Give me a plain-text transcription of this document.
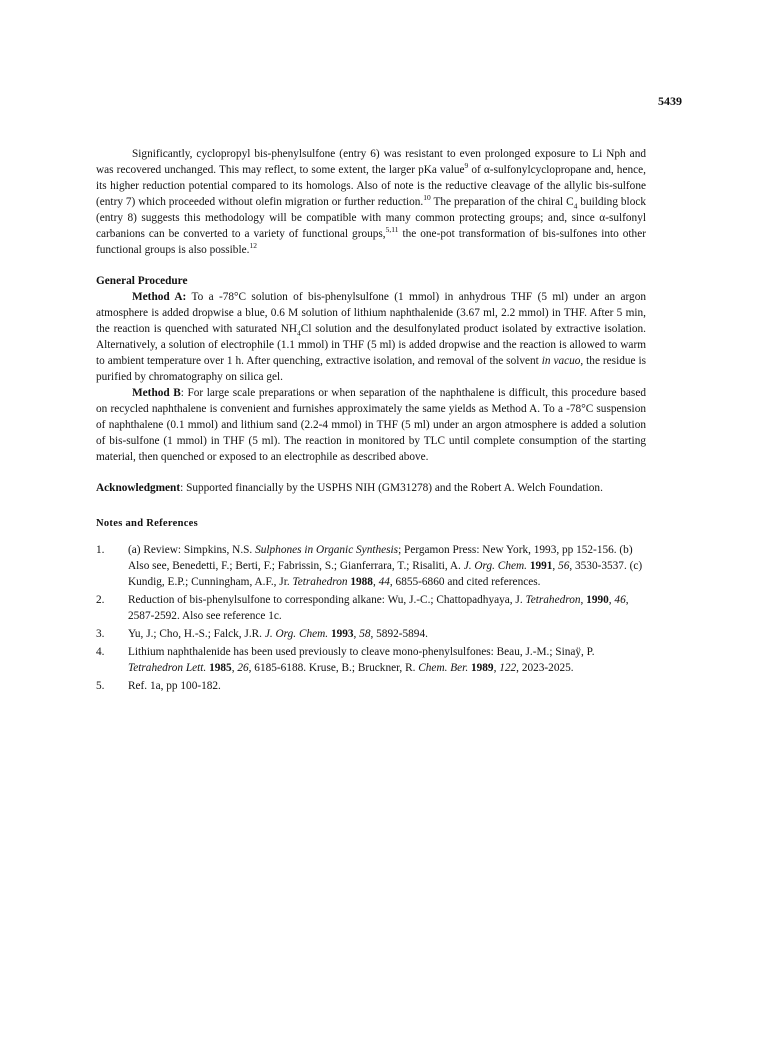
5439

Significantly, cyclopropyl bis-phenylsulfone (entry 6) was resistant to even prolonged exposure to Li Nph and was recovered unchanged. This may reflect, to some extent, the larger pKa value$^9$ of α-sulfonylcyclopropane and, hence, its higher reduction potential compared to its homologs. Also of note is the reductive cleavage of the allylic bis-sulfone (entry 7) which proceeded without olefin migration or further reduction.$^{10}$ The preparation of the chiral $C_4$ building block (entry 8) suggests this methodology will be compatible with many common protecting groups; and, since α-sulfonyl carbanions can be converted to a variety of functional groups,$^{5,11}$ the one-pot transformation of bis-sulfones into other functional groups is also possible.$^{12}$

General Procedure

Method A: To a -78°C solution of bis-phenylsulfone (1 mmol) in anhydrous THF (5 ml) under an argon atmosphere is added dropwise a blue, 0.6 M solution of lithium naphthalenide (3.67 ml, 2.2 mmol) in THF. After 5 min, the reaction is quenched with saturated $NH_4Cl$ solution and the desulfonylated product isolated by extractive isolation. Alternatively, a solution of electrophile (1.1 mmol) in THF (5 ml) is added dropwise and the reaction is allowed to warm to ambient temperature over 1 h. After quenching, extractive isolation, and removal of the solvent in vacuo, the residue is purified by chromatography on silica gel.

Method B: For large scale preparations or when separation of the naphthalene is difficult, this procedure based on recycled naphthalene is convenient and furnishes approximately the same yields as Method A. To a -78°C suspension of naphthalene (0.1 mmol) and lithium sand (2.2-4 mmol) in THF (5 ml) under an argon atmosphere is added a solution of bis-sulfone (1 mmol) in THF (5 ml). The reaction in monitored by TLC until complete consumption of the starting material, then quenched or exposed to an electrophile as described above.

Acknowledgment: Supported financially by the USPHS NIH (GM31278) and the Robert A. Welch Foundation.

Notes and References
1.	(a) Review: Simpkins, N.S. Sulphones in Organic Synthesis; Pergamon Press: New York, 1993, pp 152-156. (b) Also see, Benedetti, F.; Berti, F.; Fabrissin, S.; Gianferrara, T.; Risaliti, A. J. Org. Chem. 1991, 56, 3530-3537. (c) Kundig, E.P.; Cunningham, A.F., Jr. Tetrahedron 1988, 44, 6855-6860 and cited references.
2.	Reduction of bis-phenylsulfone to corresponding alkane: Wu, J.-C.; Chattopadhyaya, J. Tetrahedron, 1990, 46, 2587-2592. Also see reference 1c.
3.	Yu, J.; Cho, H.-S.; Falck, J.R. J. Org. Chem. 1993, 58, 5892-5894.
4.	Lithium naphthalenide has been used previously to cleave mono-phenylsulfones: Beau, J.-M.; Sinaÿ, P. Tetrahedron Lett. 1985, 26, 6185-6188. Kruse, B.; Bruckner, R. Chem. Ber. 1989, 122, 2023-2025.
5.	Ref. 1a, pp 100-182.
